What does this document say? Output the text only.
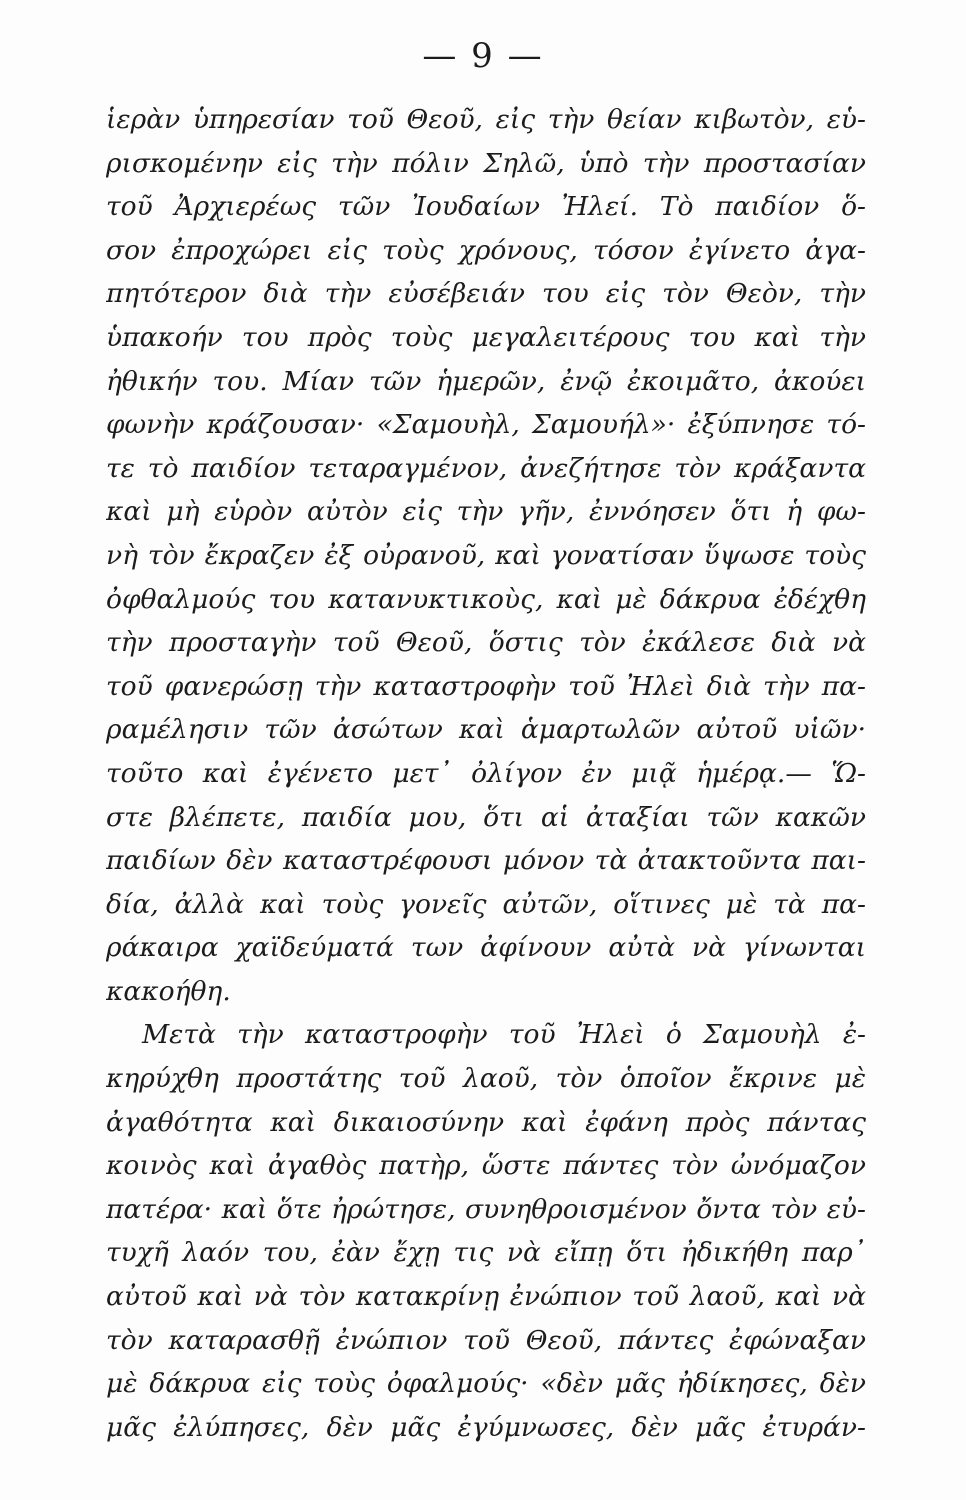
— 9 —
ἱερὰν ὑπηρεσίαν τοῦ Θεοῦ, εἰς τὴν θείαν κιβωτὸν, εὑ-
ρισκομένην εἰς τὴν πόλιν Σηλῶ, ὑπὸ τὴν προστασίαν
τοῦ Ἀρχιερέως τῶν Ἰουδαίων Ἠλεί. Τὸ παιδίον ὅ-
σον ἐπροχώρει εἰς τοὺς χρόνους, τόσον ἐγίνετο ἀγα-
πητότερον διὰ τὴν εὐσέβειάν του εἰς τὸν Θεὸν, τὴν
ὑπακοήν του πρὸς τοὺς μεγαλειτέρους του καὶ τὴν
ἠθικήν του. Μίαν τῶν ἡμερῶν, ἐνῷ ἐκοιμᾶτο, ἀκούει
φωνὴν κράζουσαν· «Σαμουὴλ, Σαμουήλ»· ἐξύπνησε τό-
τε τὸ παιδίον τεταραγμένον, ἀνεζήτησε τὸν κράξαντα
καὶ μὴ εὑρὸν αὐτὸν εἰς τὴν γῆν, ἐννόησεν ὅτι ἡ φω-
νὴ τὸν ἔκραζεν ἐξ οὐρανοῦ, καὶ γονατίσαν ὕψωσε τοὺς
ὀφθαλμούς του κατανυκτικοὺς, καὶ μὲ δάκρυα ἐδέχθη
τὴν προσταγὴν τοῦ Θεοῦ, ὅστις τὸν ἐκάλεσε διὰ νὰ
τοῦ φανερώσῃ τὴν καταστροφὴν τοῦ Ἠλεὶ διὰ τὴν πα-
ραμέλησιν τῶν ἀσώτων καὶ ἁμαρτωλῶν αὐτοῦ υἱῶν·
τοῦτο καὶ ἐγένετο μετ᾽ ὀλίγον ἐν μιᾷ ἡμέρᾳ.— Ὥ-
στε βλέπετε, παιδία μου, ὅτι αἱ ἀταξίαι τῶν κακῶν
παιδίων δὲν καταστρέφουσι μόνον τὰ ἀτακτοῦντα παι-
δία, ἀλλὰ καὶ τοὺς γονεῖς αὐτῶν, οἵτινες μὲ τὰ πα-
ράκαιρα χαϊδεύματά των ἀφίνουν αὐτὰ νὰ γίνωνται
κακοήθη.
Μετὰ τὴν καταστροφὴν τοῦ Ἠλεὶ ὁ Σαμουὴλ ἐ-
κηρύχθη προστάτης τοῦ λαοῦ, τὸν ὁποῖον ἔκρινε μὲ
ἀγαθότητα καὶ δικαιοσύνην καὶ ἐφάνη πρὸς πάντας
κοινὸς καὶ ἀγαθὸς πατὴρ, ὥστε πάντες τὸν ὠνόμαζον
πατέρα· καὶ ὅτε ἠρώτησε, συνηθροισμένον ὄντα τὸν εὐ-
τυχῆ λαόν του, ἐὰν ἔχῃ τις νὰ εἴπῃ ὅτι ἠδικήθη παρ᾽
αὐτοῦ καὶ νὰ τὸν κατακρίνῃ ἐνώπιον τοῦ λαοῦ, καὶ νὰ
τὸν καταρασθῇ ἐνώπιον τοῦ Θεοῦ, πάντες ἐφώναξαν
μὲ δάκρυα εἰς τοὺς ὀφαλμούς· «δὲν μᾶς ἠδίκησες, δὲν
μᾶς ἐλύπησες, δὲν μᾶς ἐγύμνωσες, δὲν μᾶς ἐτυράν-
